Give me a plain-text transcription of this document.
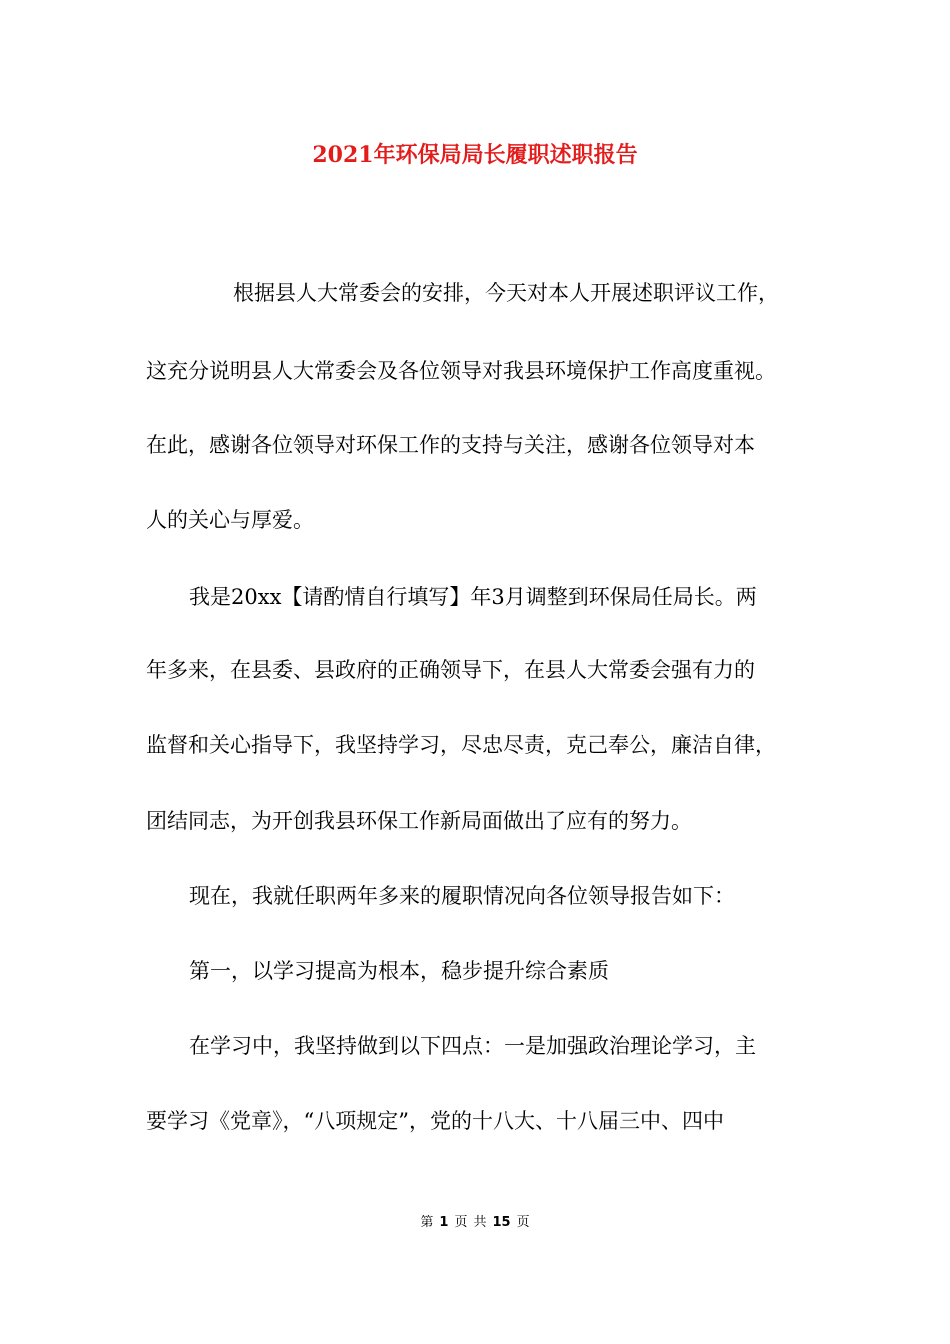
2021年环保局局长履职述职报告
根据县人大常委会的安排，今天对本人开展述职评议工作，
这充分说明县人大常委会及各位领导对我县环境保护工作高度重视。
在此，感谢各位领导对环保工作的支持与关注，感谢各位领导对本
人的关心与厚爱。
我是20xx【请酌情自行填写】年3月调整到环保局任局长。两
年多来，在县委、县政府的正确领导下，在县人大常委会强有力的
监督和关心指导下，我坚持学习，尽忠尽责，克己奉公，廉洁自律，
团结同志，为开创我县环保工作新局面做出了应有的努力。
现在，我就任职两年多来的履职情况向各位领导报告如下：
第一，以学习提高为根本，稳步提升综合素质
在学习中，我坚持做到以下四点：一是加强政治理论学习，主
要学习《党章》，“八项规定”，党的十八大、十八届三中、四中
第 1 页 共 15 页
